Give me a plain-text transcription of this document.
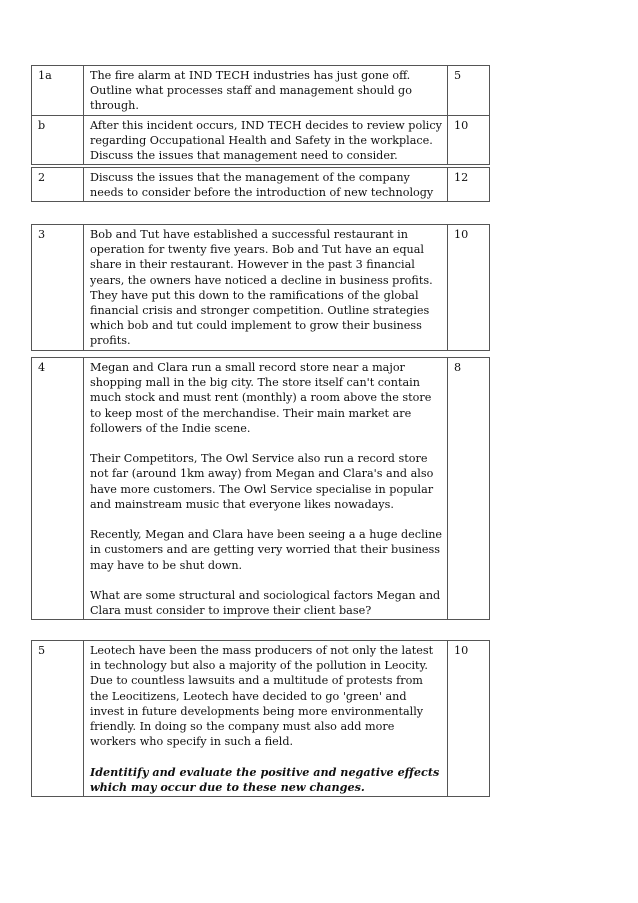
1a	The fire alarm at IND TECH industries has just gone off. Outline what processes staff and management should go through.	5
b	After this incident occurs, IND TECH decides to review policy regarding Occupational Health and Safety in the workplace. Discuss the issues that management need to consider.	10
2	Discuss the issues that the management of the company needs to consider before the introduction of new technology	12
3	Bob and Tut have established a successful restaurant in operation for twenty five years. Bob and Tut have an equal share in their restaurant. However in the past 3 financial years, the owners have noticed a decline in business profits. They have put this down to the ramifications of the global financial crisis and stronger competition. Outline strategies which bob and tut could implement to grow their business profits.	10
4	Megan and Clara run a small record store near a major shopping mall in the big city. The store itself can't contain much stock and must rent (monthly) a room above the store to keep most of the merchandise. Their main market are followers of the Indie scene.

Their Competitors, The Owl Service also run a record store not far (around 1km away) from Megan and Clara's and also have more customers. The Owl Service specialise in popular and mainstream music that everyone likes nowadays.

Recently, Megan and Clara have been seeing a a huge decline in customers and are getting very worried that their business may have to be shut down.

What are some structural and sociological factors Megan and Clara must consider to improve their client base?

	8
5	Leotech have been the mass producers of not only the latest in technology but also a majority of the pollution in Leocity. Due to countless lawsuits and a multitude of protests from the Leocitizens, Leotech have decided to go 'green' and invest in future developments being more environmentally friendly. In doing so the company must also add more workers who specify in such a field.

Identitify and evaluate the positive and negative effects which may occur due to these new changes.

	10
